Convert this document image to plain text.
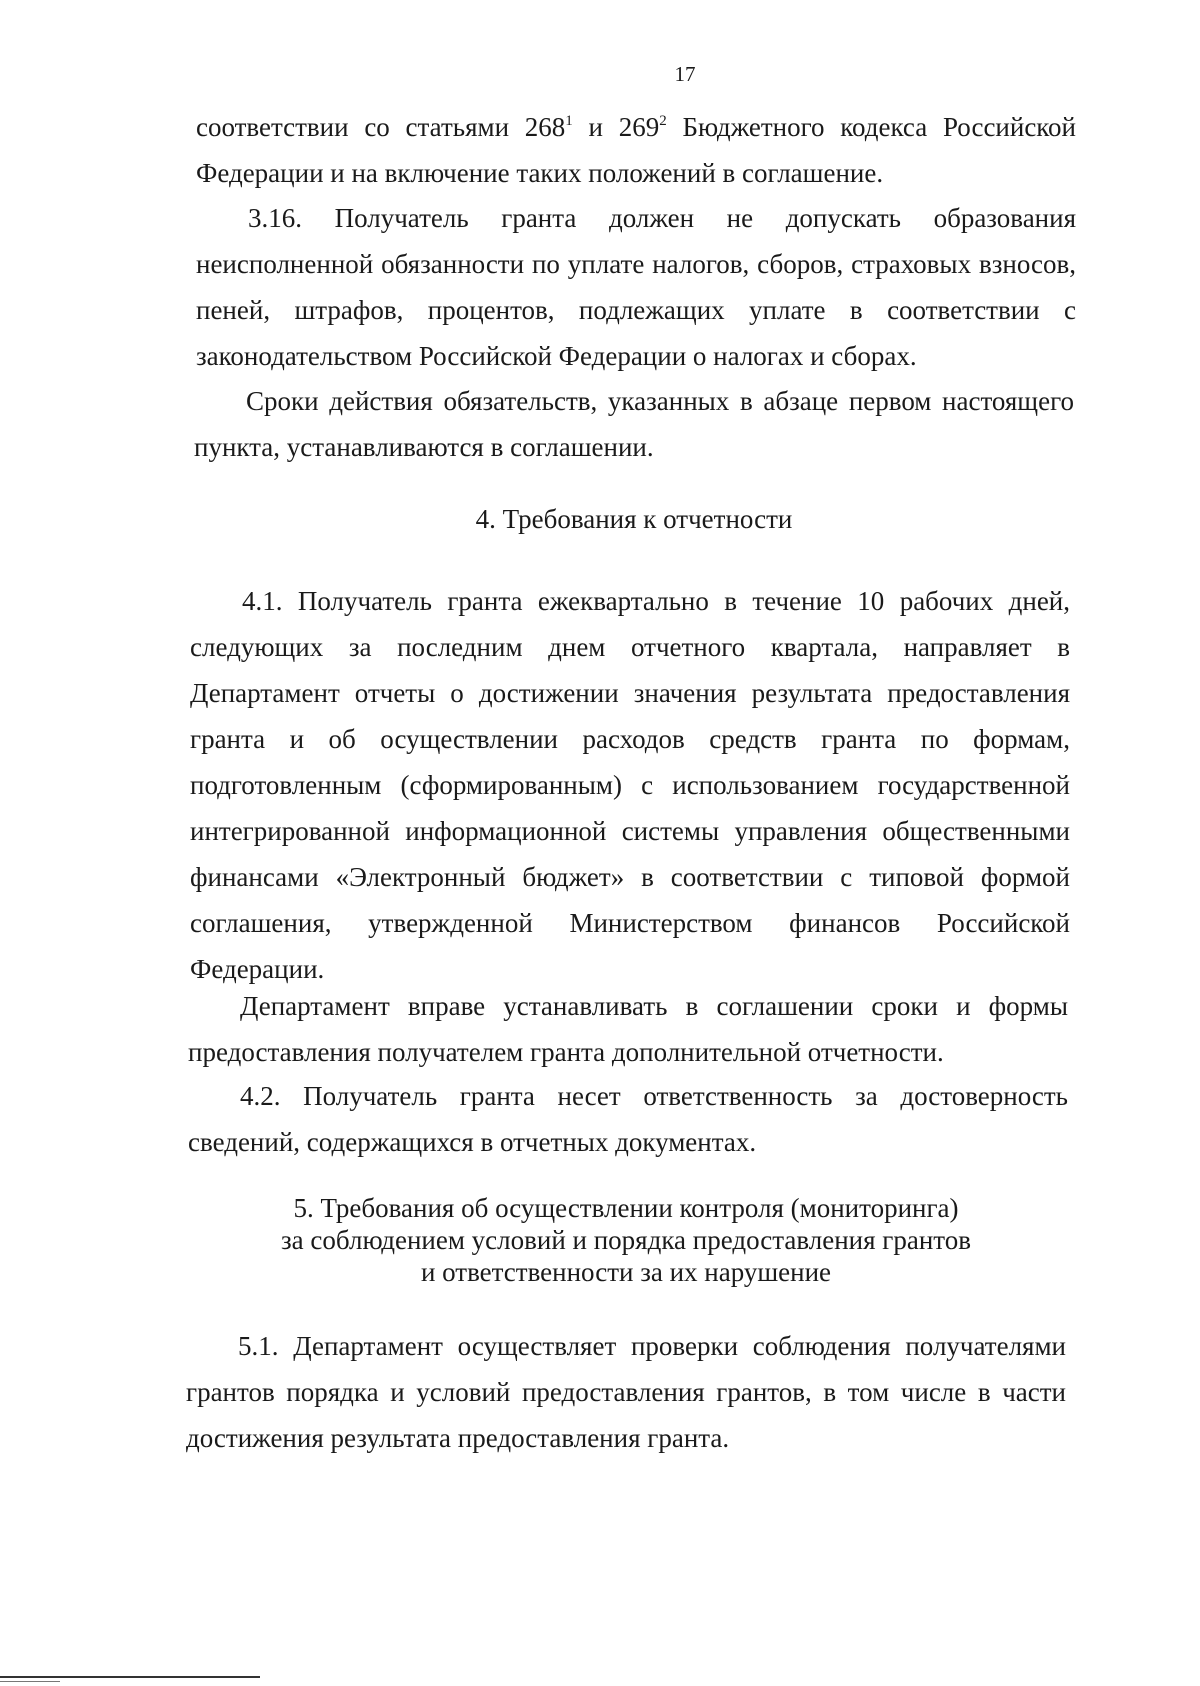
17
соответствии со статьями $268^1$ и $269^2$ Бюджетного кодекса Российской Федерации и на включение таких положений в соглашение.
3.16. Получатель гранта должен не допускать образования неисполненной обязанности по уплате налогов, сборов, страховых взносов, пеней, штрафов, процентов, подлежащих уплате в соответствии с законодательством Российской Федерации о налогах и сборах.
Сроки действия обязательств, указанных в абзаце первом настоящего пункта, устанавливаются в соглашении.
4. Требования к отчетности
4.1. Получатель гранта ежеквартально в течение 10 рабочих дней, следующих за последним днем отчетного квартала, направляет в Департамент отчеты о достижении значения результата предоставления гранта и об осуществлении расходов средств гранта по формам, подготовленным (сформированным) с использованием государственной интегрированной информационной системы управления общественными финансами «Электронный бюджет» в соответствии с типовой формой соглашения, утвержденной Министерством финансов Российской Федерации.
Департамент вправе устанавливать в соглашении сроки и формы предоставления получателем гранта дополнительной отчетности.
4.2. Получатель гранта несет ответственность за достоверность сведений, содержащихся в отчетных документах.
5. Требования об осуществлении контроля (мониторинга)
за соблюдением условий и порядка предоставления грантов
и ответственности за их нарушение
5.1. Департамент осуществляет проверки соблюдения получателями грантов порядка и условий предоставления грантов, в том числе в части достижения результата предоставления гранта.
